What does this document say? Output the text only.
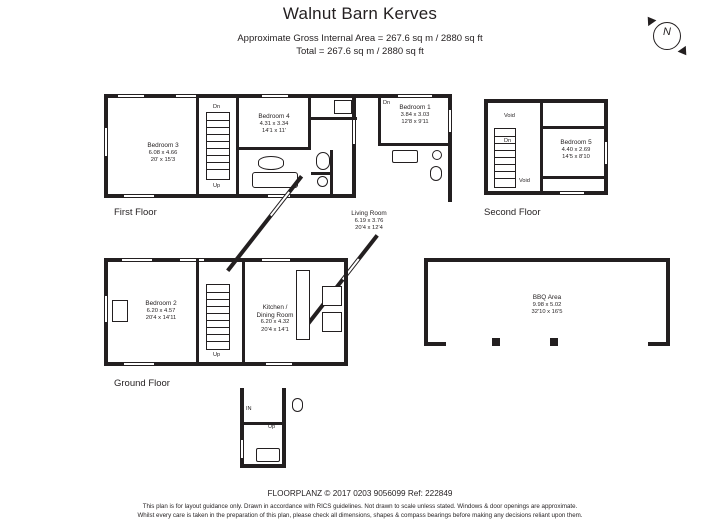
Walnut Barn Kerves
Approximate Gross Internal Area = 267.6 sq m / 2880 sq ft
Total = 267.6 sq m / 2880 sq ft
N
Bedroom 3
6.08 x 4.66
20' x 15'3
Bedroom 4
4.31 x 3.34
14'1 x 11'
Dn
Up
First Floor
Bedroom 1
3.84 x 3.03
12'8 x 9'11
Dn
Void
Dn
Void
Bedroom 5
4.40 x 2.69
14'5 x 8'10
Second Floor
Living Room
6.19 x 3.76
20'4 x 12'4
Up
Bedroom 2
6.20 x 4.57
20'4 x 14'11
Kitchen /
Dining Room
6.20 x 4.32
20'4 x 14'1
Ground Floor
IN
Up
BBQ Area
9.98 x 5.02
32'10 x 16'5
FLOORPLANZ © 2017 0203 9056099 Ref: 222849
This plan is for layout guidance only. Drawn in accordance with RICS guidelines. Not drawn to scale unless stated. Windows & door openings are approximate.
Whilst every care is taken in the preparation of this plan, please check all dimensions, shapes & compass bearings before making any decisions reliant upon them.
